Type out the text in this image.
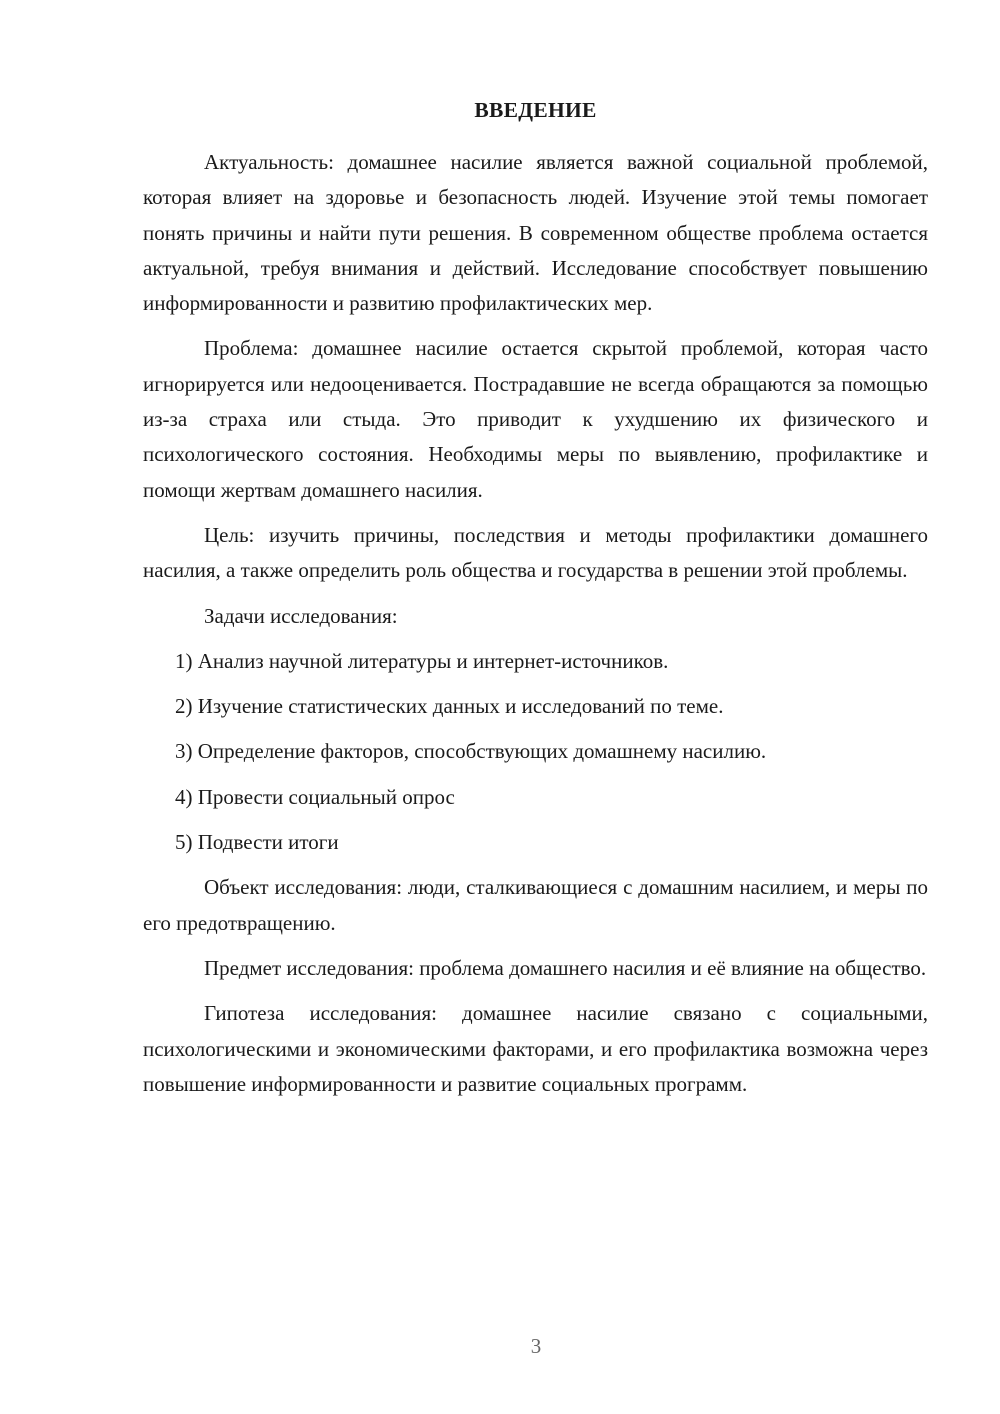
ВВЕДЕНИЕ

Актуальность: домашнее насилие является важной социальной проблемой, которая влияет на здоровье и безопасность людей. Изучение этой темы помогает понять причины и найти пути решения. В современном обществе проблема остается актуальной, требуя внимания и действий. Исследование способствует повышению информированности и развитию профилактических мер.

Проблема: домашнее насилие остается скрытой проблемой, которая часто игнорируется или недооценивается. Пострадавшие не всегда обращаются за помощью из-за страха или стыда. Это приводит к ухудшению их физического и психологического состояния. Необходимы меры по выявлению, профилактике и помощи жертвам домашнего насилия.

Цель: изучить причины, последствия и методы профилактики домашнего насилия, а также определить роль общества и государства в решении этой проблемы.

Задачи исследования:

1) Анализ научной литературы и интернет-источников.
2) Изучение статистических данных и исследований по теме.
3) Определение факторов, способствующих домашнему насилию.
4) Провести социальный опрос
5) Подвести итоги

Объект исследования: люди, сталкивающиеся с домашним насилием, и меры по его предотвращению.

Предмет исследования: проблема домашнего насилия и её влияние на общество.

Гипотеза исследования: домашнее насилие связано с социальными, психологическими и экономическими факторами, и его профилактика возможна через повышение информированности и развитие социальных программ.

3
